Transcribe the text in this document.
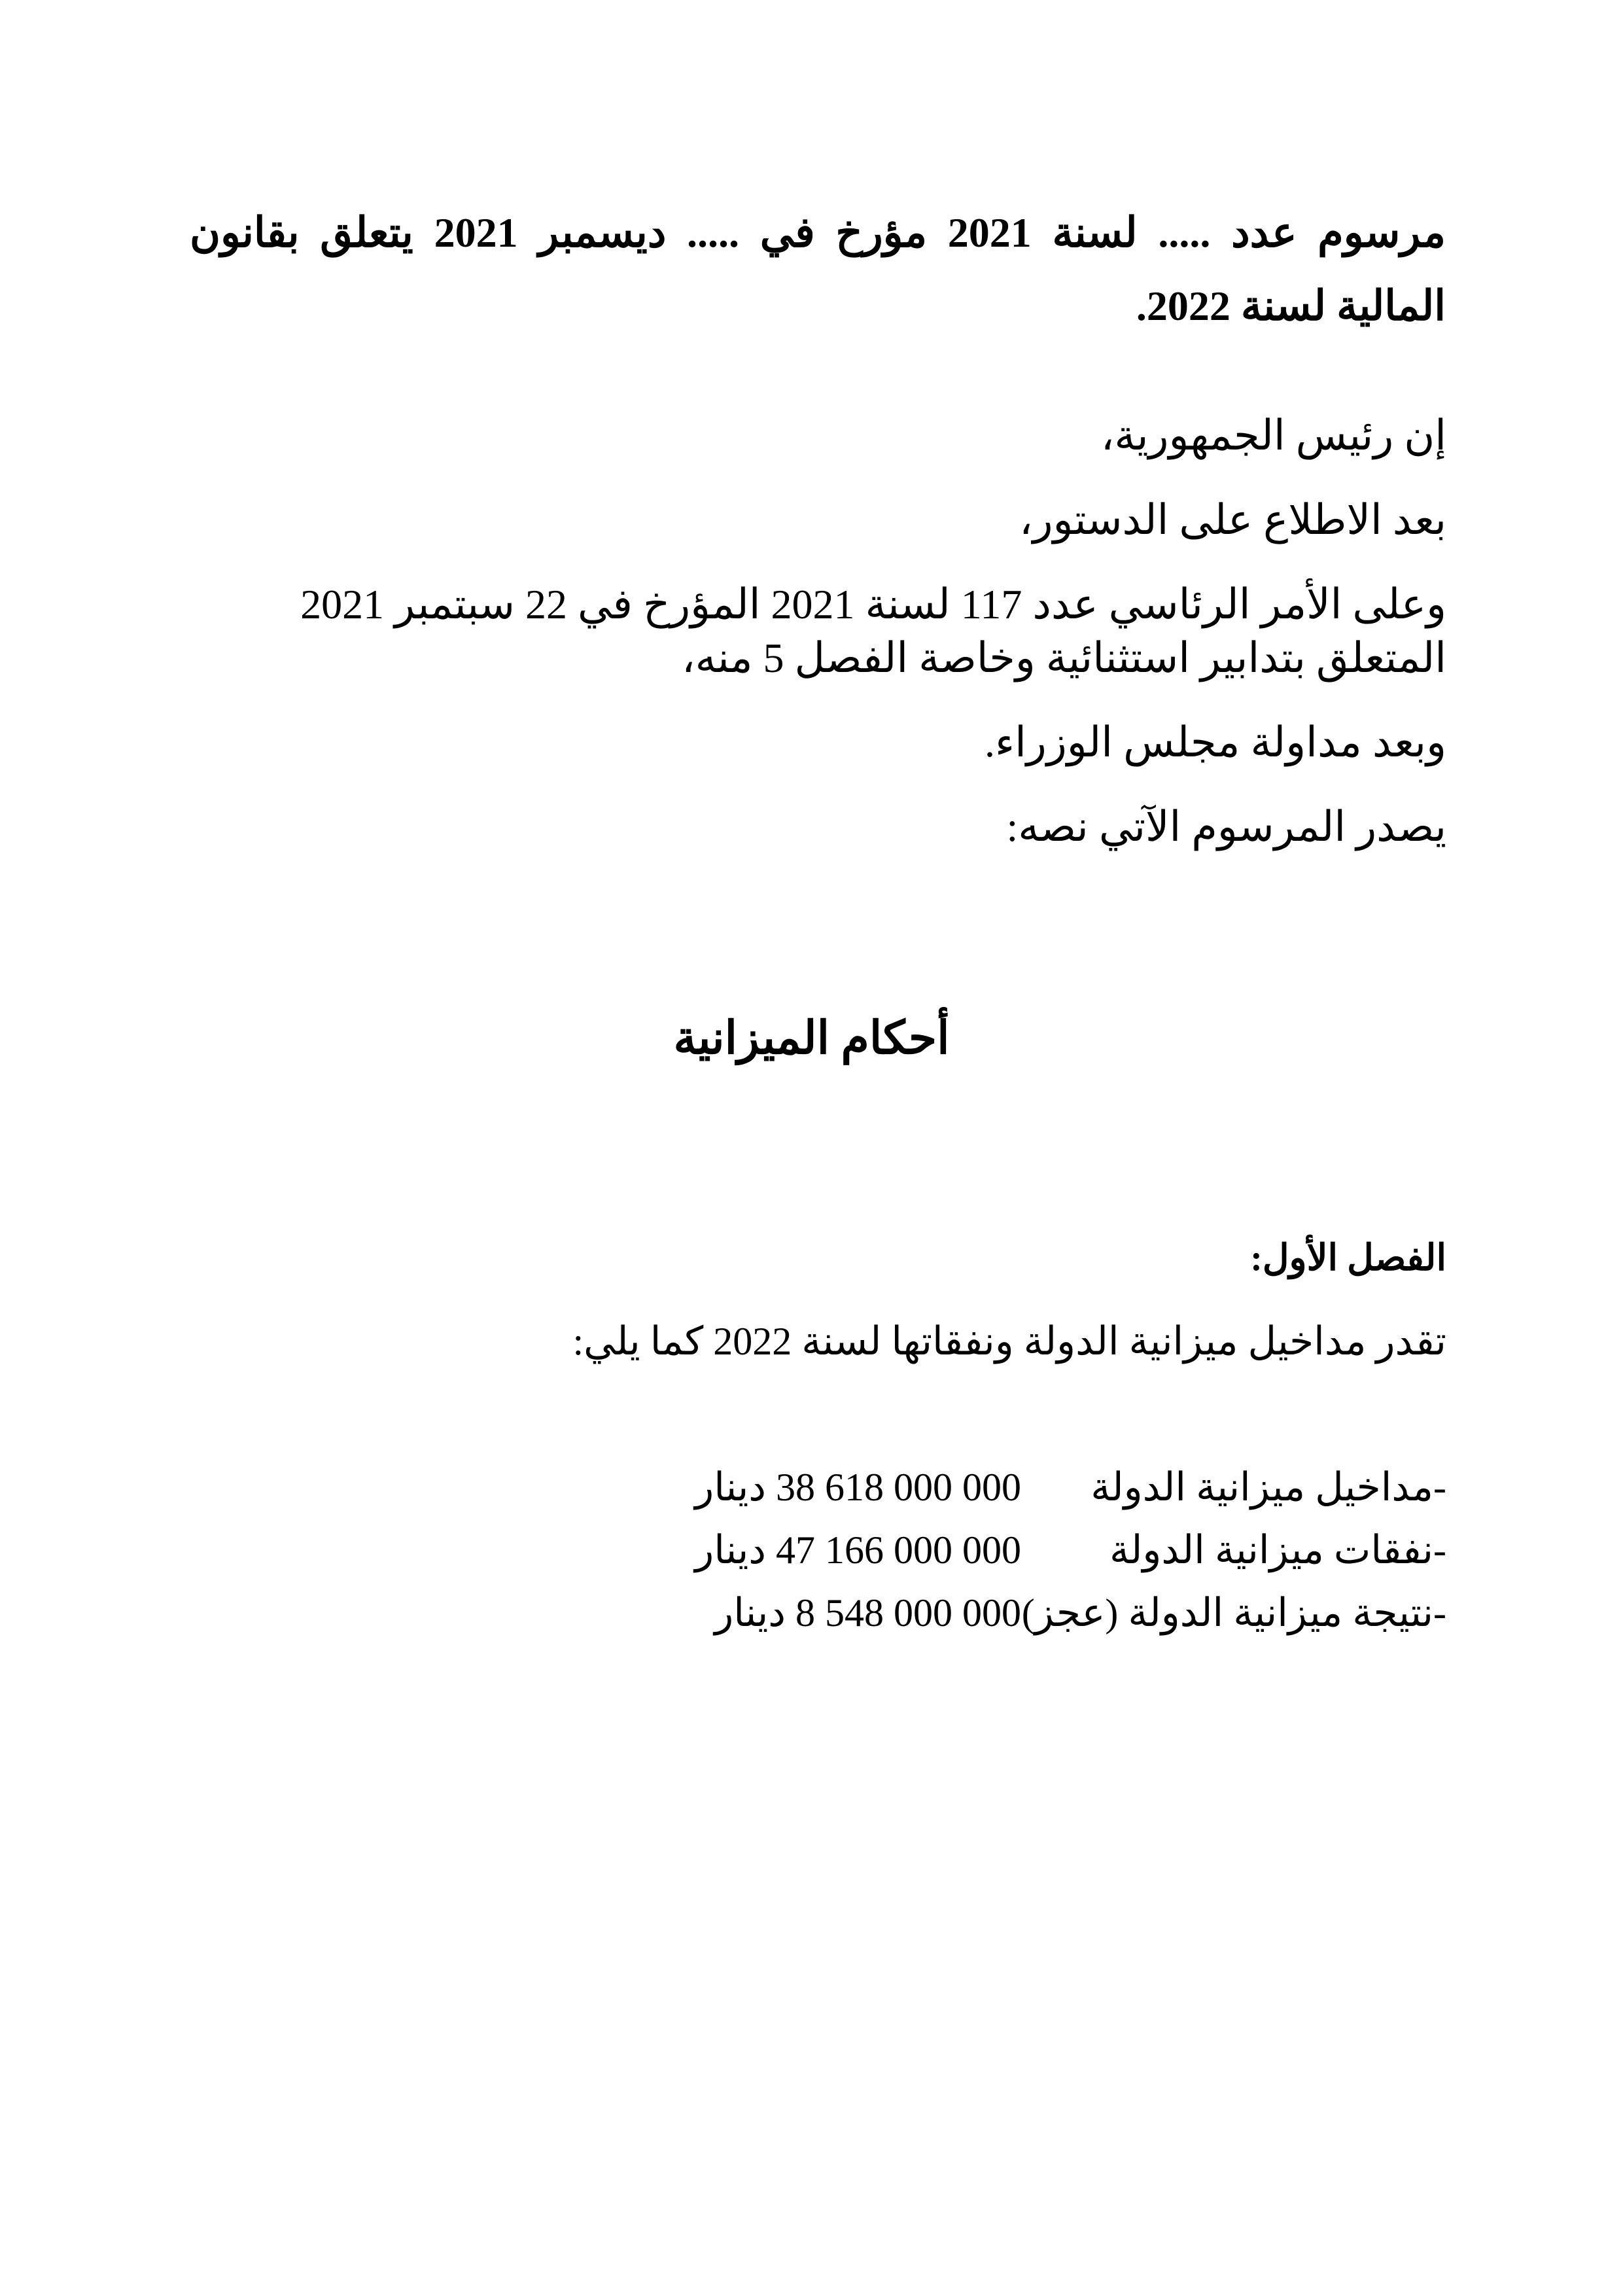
مرسوم عدد ..... لسنة 2021 مؤرخ في ..... ديسمبر 2021 يتعلق بقانون المالية لسنة 2022.

إن رئيس الجمهورية،

بعد الاطلاع على الدستور،

وعلى الأمر الرئاسي عدد 117 لسنة 2021 المؤرخ في 22 سبتمبر 2021 المتعلق بتدابير استثنائية وخاصة الفصل 5 منه،

وبعد مداولة مجلس الوزراء.

يصدر المرسوم الآتي نصه:

أحكام الميزانية
الفصل الأول:

تقدر مداخيل ميزانية الدولة ونفقاتها لسنة 2022 كما يلي:

-مداخيل ميزانية الدولة
38 618 000 000 دينار
-نفقات ميزانية الدولة
47 166 000 000 دينار
-نتيجة ميزانية الدولة (عجز)
8 548 000 000 دينار
